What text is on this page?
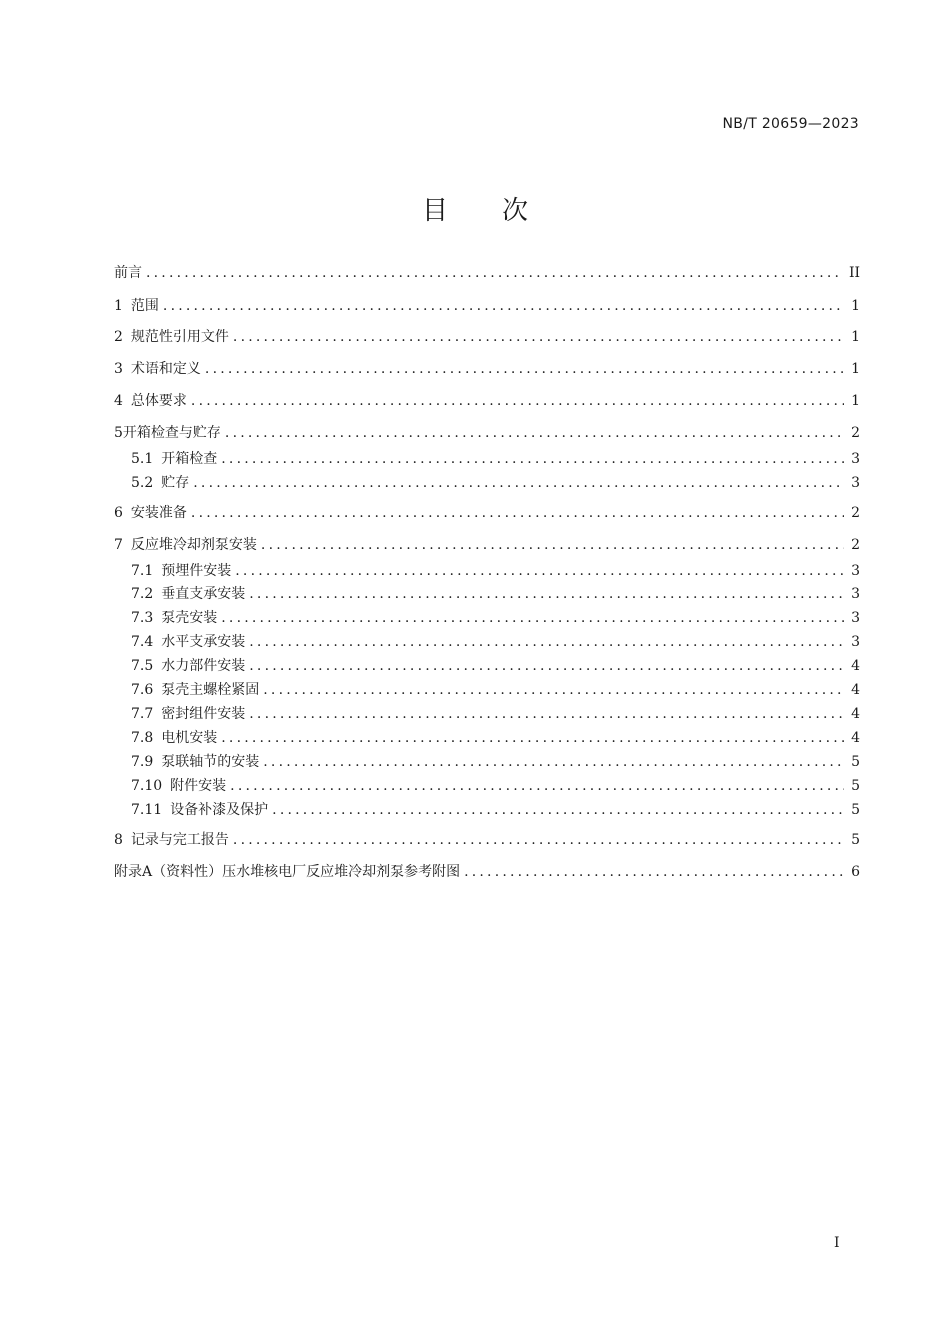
NB/T 20659—2023
目 次
前言 .....	II
1 范围 .....	1
2 规范性引用文件 .....	1
3 术语和定义 .....	1
4 总体要求 .....	1
5 开箱检查与贮存 .....	2
5.1 开箱检查 .....	3
5.2 贮存 .....	3
6 安装准备 .....	2
7 反应堆冷却剂泵安装 .....	2
7.1 预埋件安装 .....	3
7.2 垂直支承安装 .....	3
7.3 泵壳安装 .....	3
7.4 水平支承安装 .....	3
7.5 水力部件安装 .....	4
7.6 泵壳主螺栓紧固 .....	4
7.7 密封组件安装 .....	4
7.8 电机安装 .....	4
7.9 泵联轴节的安装 .....	5
7.10 附件安装 .....	5
7.11 设备补漆及保护 .....	5
8 记录与完工报告 .....	5
附录A（资料性）压水堆核电厂反应堆冷却剂泵参考附图 .....	6
I
